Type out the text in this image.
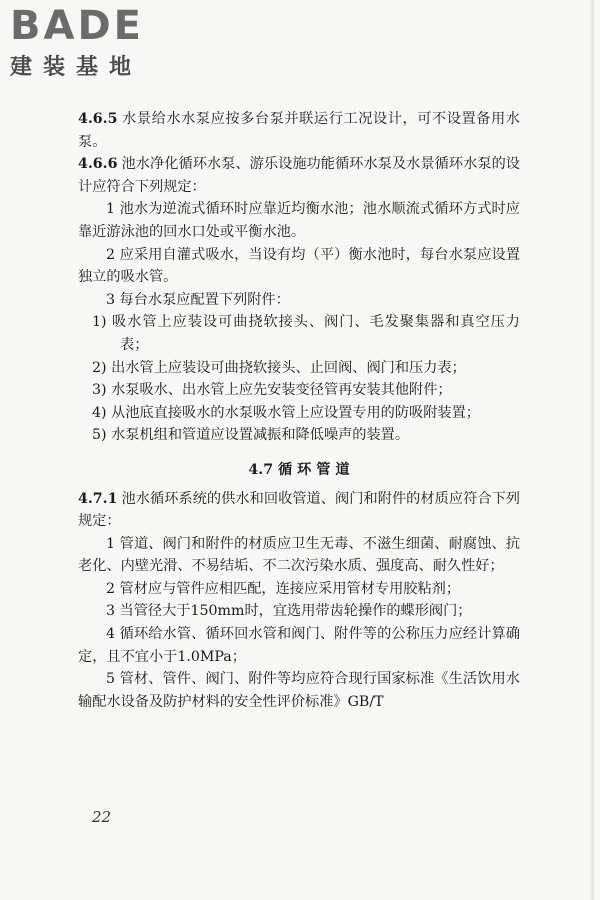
BADE
建装基地

4.6.5 水景给水水泵应按多台泵并联运行工况设计，可不设置备用水泵。

4.6.6 池水净化循环水泵、游乐设施功能循环水泵及水景循环水泵的设计应符合下列规定：

1 池水为逆流式循环时应靠近均衡水池；池水顺流式循环方式时应靠近游泳池的回水口处或平衡水池。

2 应采用自灌式吸水，当设有均（平）衡水池时，每台水泵应设置独立的吸水管。

3 每台水泵应配置下列附件：

1) 吸水管上应装设可曲挠软接头、阀门、毛发聚集器和真空压力表；

2) 出水管上应装设可曲挠软接头、止回阀、阀门和压力表；

3) 水泵吸水、出水管上应先安装变径管再安装其他附件；

4) 从池底直接吸水的水泵吸水管上应设置专用的防吸附装置；

5) 水泵机组和管道应设置减振和降低噪声的装置。

4.7 循 环 管 道

4.7.1 池水循环系统的供水和回收管道、阀门和附件的材质应符合下列规定：

1 管道、阀门和附件的材质应卫生无毒、不滋生细菌、耐腐蚀、抗老化、内壁光滑、不易结垢、不二次污染水质、强度高、耐久性好；

2 管材应与管件应相匹配，连接应采用管材专用胶粘剂；

3 当管径大于150mm时，宜选用带齿轮操作的蝶形阀门；

4 循环给水管、循环回水管和阀门、附件等的公称压力应经计算确定，且不宜小于1.0MPa；

5 管材、管件、阀门、附件等均应符合现行国家标准《生活饮用水输配水设备及防护材料的安全性评价标准》GB/T

22
